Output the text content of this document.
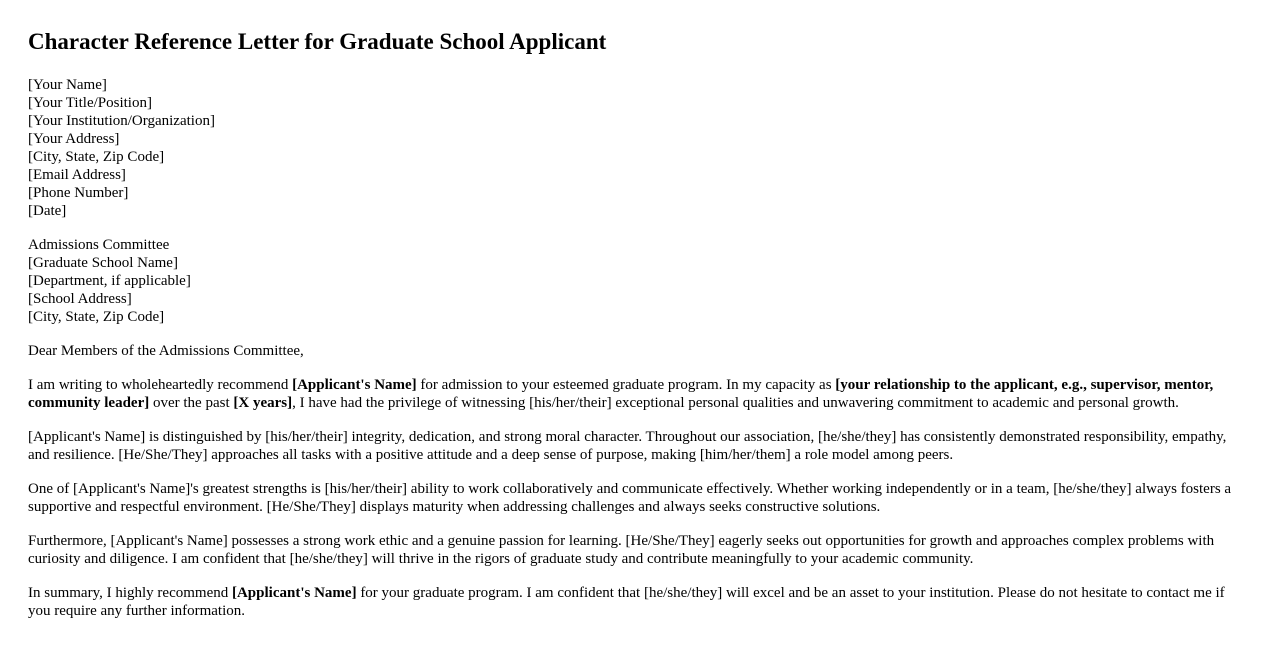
Character Reference Letter for Graduate School Applicant
[Your Name]
[Your Title/Position]
[Your Institution/Organization]
[Your Address]
[City, State, Zip Code]
[Email Address]
[Phone Number]
[Date]
Admissions Committee
[Graduate School Name]
[Department, if applicable]
[School Address]
[City, State, Zip Code]

Dear Members of the Admissions Committee,

I am writing to wholeheartedly recommend [Applicant's Name] for admission to your esteemed graduate program. In my capacity as [your relationship to the applicant, e.g., supervisor, mentor, community leader] over the past [X years], I have had the privilege of witnessing [his/her/their] exceptional personal qualities and unwavering commitment to academic and personal growth.

[Applicant's Name] is distinguished by [his/her/their] integrity, dedication, and strong moral character. Throughout our association, [he/she/they] has consistently demonstrated responsibility, empathy, and resilience. [He/She/They] approaches all tasks with a positive attitude and a deep sense of purpose, making [him/her/them] a role model among peers.

One of [Applicant's Name]'s greatest strengths is [his/her/their] ability to work collaboratively and communicate effectively. Whether working independently or in a team, [he/she/they] always fosters a supportive and respectful environment. [He/She/They] displays maturity when addressing challenges and always seeks constructive solutions.

Furthermore, [Applicant's Name] possesses a strong work ethic and a genuine passion for learning. [He/She/They] eagerly seeks out opportunities for growth and approaches complex problems with curiosity and diligence. I am confident that [he/she/they] will thrive in the rigors of graduate study and contribute meaningfully to your academic community.

In summary, I highly recommend [Applicant's Name] for your graduate program. I am confident that [he/she/they] will excel and be an asset to your institution. Please do not hesitate to contact me if you require any further information.
